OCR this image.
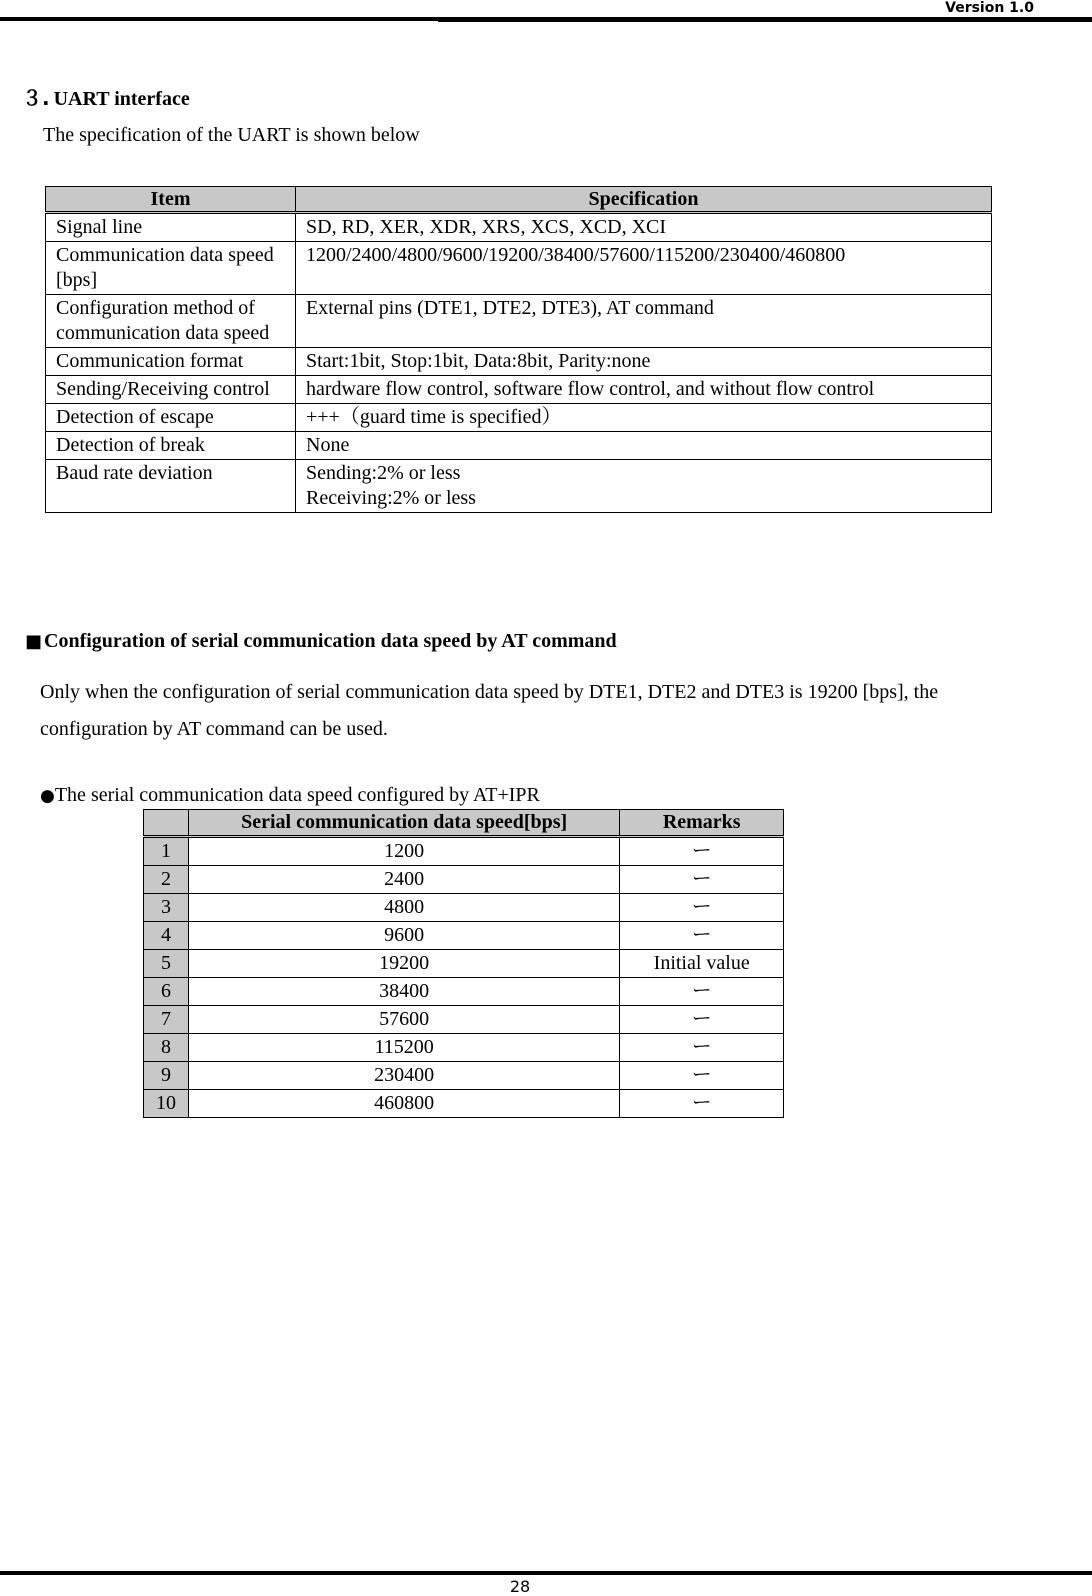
Version 1.0
３. UART interface
The specification of the UART is shown below
Item	Specification
Signal line	SD, RD, XER, XDR, XRS, XCS, XCD, XCI
Communication data speed [bps]	1200/2400/4800/9600/19200/38400/57600/115200/230400/460800
Configuration method of communication data speed	External pins (DTE1, DTE2, DTE3), AT command
Communication format	Start:1bit, Stop:1bit, Data:8bit, Parity:none
Sending/Receiving control	hardware flow control, software flow control, and without flow control
Detection of escape	+++（guard time is specified）
Detection of break	None
Baud rate deviation	Sending:2% or less
Receiving:2% or less
■ Configuration of serial communication data speed by AT command
Only when the configuration of serial communication data speed by DTE1, DTE2 and DTE3 is 19200 [bps], the configuration by AT command can be used.
●The serial communication data speed configured by AT+IPR
	Serial communication data speed[bps]	Remarks
1	1200	ー
2	2400	ー
3	4800	ー
4	9600	ー
5	19200	Initial value
6	38400	ー
7	57600	ー
8	115200	ー
9	230400	ー
10	460800	ー
28
